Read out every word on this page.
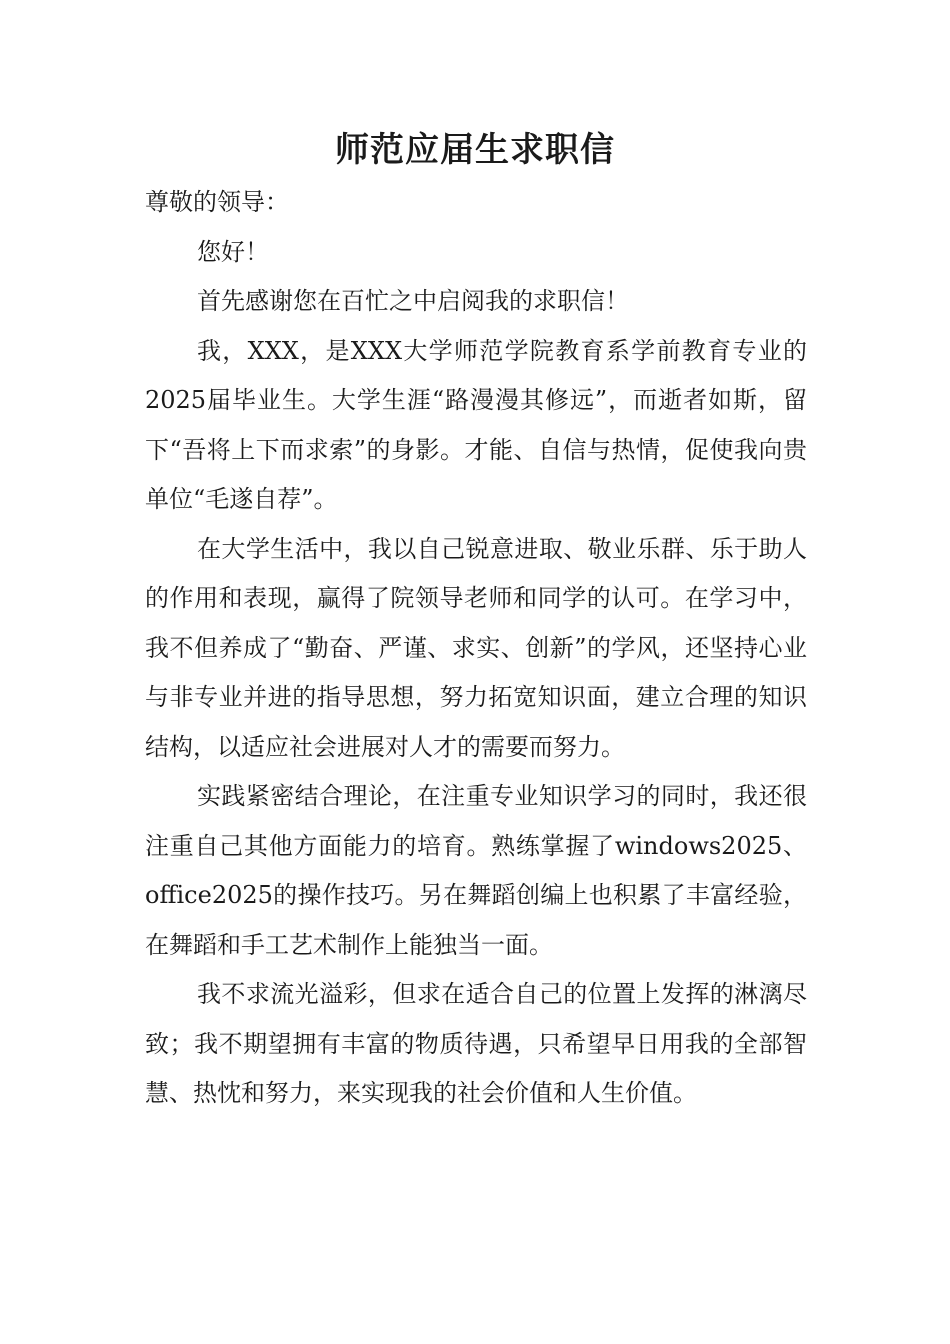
师范应届生求职信

尊敬的领导：

您好！

首先感谢您在百忙之中启阅我的求职信！

我，XXX，是XXX大学师范学院教育系学前教育专业的2025届毕业生。大学生涯“路漫漫其修远”，而逝者如斯，留下“吾将上下而求索”的身影。才能、自信与热情，促使我向贵单位“毛遂自荐”。

在大学生活中，我以自己锐意进取、敬业乐群、乐于助人的作用和表现，赢得了院领导老师和同学的认可。在学习中，我不但养成了“勤奋、严谨、求实、创新”的学风，还坚持心业与非专业并进的指导思想，努力拓宽知识面，建立合理的知识结构，以适应社会进展对人才的需要而努力。

实践紧密结合理论，在注重专业知识学习的同时，我还很注重自己其他方面能力的培育。熟练掌握了windows2025、office2025的操作技巧。另在舞蹈创编上也积累了丰富经验，在舞蹈和手工艺术制作上能独当一面。

我不求流光溢彩，但求在适合自己的位置上发挥的淋漓尽致；我不期望拥有丰富的物质待遇，只希望早日用我的全部智慧、热忱和努力，来实现我的社会价值和人生价值。
